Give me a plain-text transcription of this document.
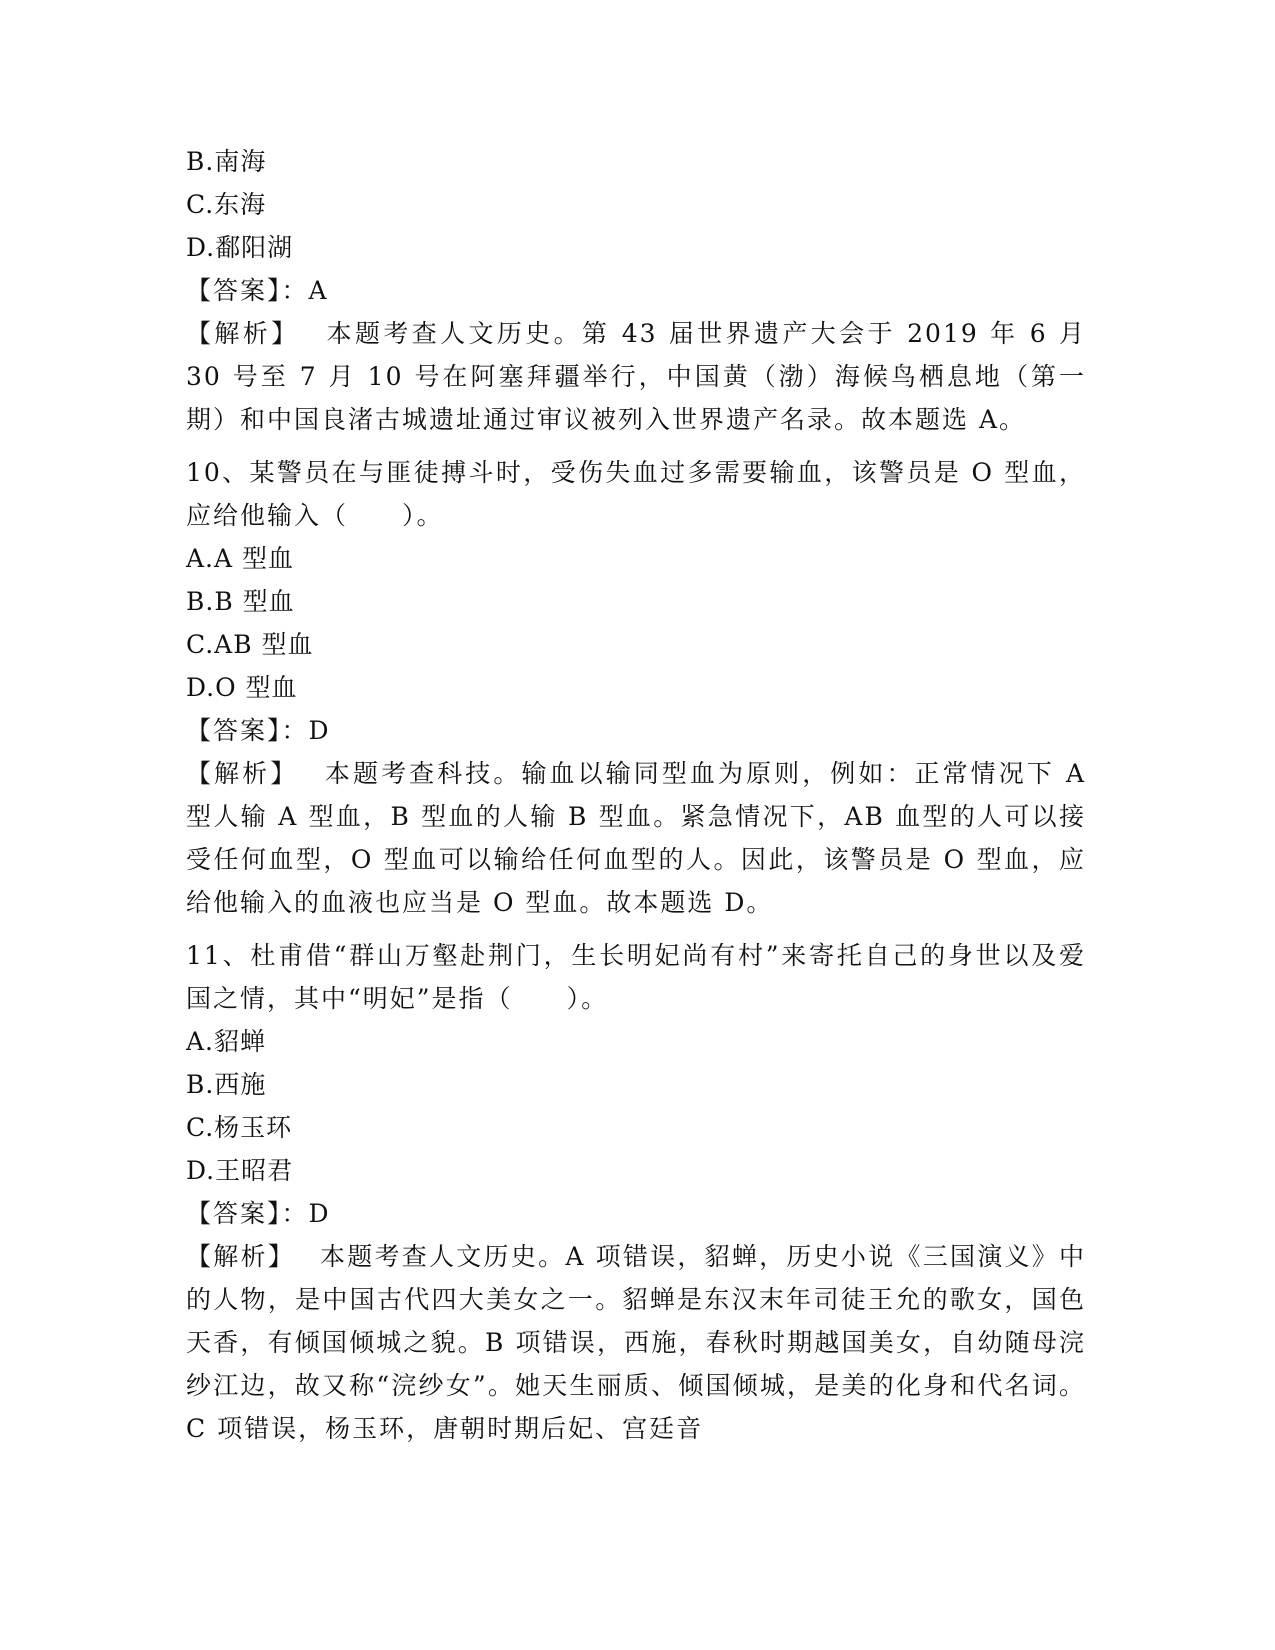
B.南海
C.东海
D.鄱阳湖
【答案】：A
【解析】　 本题考查人文历史。第 43 届世界遗产大会于 2019 年 6 月 30 号至 7 月 10 号在阿塞拜疆举行，中国黄（渤）海候鸟栖息地（第一期）和中国良渚古城遗址通过审议被列入世界遗产名录。故本题选 A。
10、某警员在与匪徒搏斗时，受伤失血过多需要输血，该警员是 O 型血，应给他输入（　　）。
A.A 型血
B.B 型血
C.AB 型血
D.O 型血
【答案】：D
【解析】　 本题考查科技。输血以输同型血为原则，例如：正常情况下 A 型人输 A 型血，B 型血的人输 B 型血。紧急情况下，AB 血型的人可以接受任何血型，O 型血可以输给任何血型的人。因此，该警员是 O 型血，应给他输入的血液也应当是 O 型血。故本题选 D。
11、杜甫借“群山万壑赴荆门，生长明妃尚有村”来寄托自己的身世以及爱国之情，其中“明妃”是指（　　）。
A.貂蝉
B.西施
C.杨玉环
D.王昭君
【答案】：D
【解析】　 本题考查人文历史。A 项错误，貂蝉，历史小说《三国演义》中的人物，是中国古代四大美女之一。貂蝉是东汉末年司徒王允的歌女，国色天香，有倾国倾城之貌。B 项错误，西施，春秋时期越国美女，自幼随母浣纱江边，故又称“浣纱女”。她天生丽质、倾国倾城，是美的化身和代名词。C 项错误，杨玉环，唐朝时期后妃、宫廷音
